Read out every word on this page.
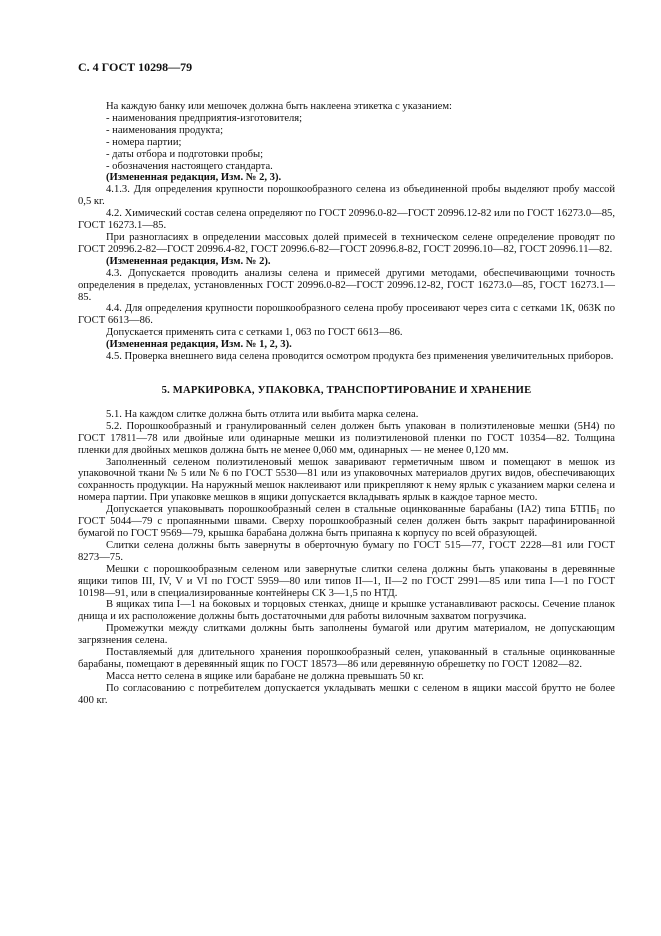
С. 4 ГОСТ 10298—79

На каждую банку или мешочек должна быть наклеена этикетка с указанием:

- наименования предприятия-изготовителя;

- наименования продукта;

- номера партии;

- даты отбора и подготовки пробы;

- обозначения настоящего стандарта.

(Измененная редакция, Изм. № 2, 3).

4.1.3. Для определения крупности порошкообразного селена из объединенной пробы выделяют пробу массой 0,5 кг.

4.2. Химический состав селена определяют по ГОСТ 20996.0-82—ГОСТ 20996.12-82 или по ГОСТ 16273.0—85, ГОСТ 16273.1—85.

При разногласиях в определении массовых долей примесей в техническом селене определение проводят по ГОСТ 20996.2-82—ГОСТ 20996.4-82, ГОСТ 20996.6-82—ГОСТ 20996.8-82, ГОСТ 20996.10—82, ГОСТ 20996.11—82.

(Измененная редакция, Изм. № 2).

4.3. Допускается проводить анализы селена и примесей другими методами, обеспечивающими точность определения в пределах, установленных ГОСТ 20996.0-82—ГОСТ 20996.12-82, ГОСТ 16273.0—85, ГОСТ 16273.1—85.

4.4. Для определения крупности порошкообразного селена пробу просеивают через сита с сетками 1К, 063К по ГОСТ 6613—86.

Допускается применять сита с сетками 1, 063 по ГОСТ 6613—86.

(Измененная редакция, Изм. № 1, 2, 3).

4.5. Проверка внешнего вида селена проводится осмотром продукта без применения увеличительных приборов.

5. МАРКИРОВКА, УПАКОВКА, ТРАНСПОРТИРОВАНИЕ И ХРАНЕНИЕ

5.1. На каждом слитке должна быть отлита или выбита марка селена.

5.2. Порошкообразный и гранулированный селен должен быть упакован в полиэтиленовые мешки (5Н4) по ГОСТ 17811—78 или двойные или одинарные мешки из полиэтиленовой пленки по ГОСТ 10354—82. Толщина пленки для двойных мешков должна быть не менее 0,060 мм, одинарных — не менее 0,120 мм.

Заполненный селеном полиэтиленовый мешок заваривают герметичным швом и помещают в мешок из упаковочной ткани № 5 или № 6 по ГОСТ 5530—81 или из упаковочных материалов других видов, обеспечивающих сохранность продукции. На наружный мешок наклеивают или прикрепляют к нему ярлык с указанием марки селена и номера партии. При упаковке мешков в ящики допускается вкладывать ярлык в каждое тарное место.

Допускается упаковывать порошкообразный селен в стальные оцинкованные барабаны (IA2) типа $БТПБ_1$ по ГОСТ 5044—79 с пропаянными швами. Сверху порошкообразный селен должен быть закрыт парафинированной бумагой по ГОСТ 9569—79, крышка барабана должна быть припаяна к корпусу по всей образующей.

Слитки селена должны быть завернуты в оберточную бумагу по ГОСТ 515—77, ГОСТ 2228—81 или ГОСТ 8273—75.

Мешки с порошкообразным селеном или завернутые слитки селена должны быть упакованы в деревянные ящики типов III, IV, V и VI по ГОСТ 5959—80 или типов II—1, II—2 по ГОСТ 2991—85 или типа I—1 по ГОСТ 10198—91, или в специализированные контейнеры СК 3—1,5 по НТД.

В ящиках типа I—1 на боковых и торцовых стенках, днище и крышке устанавливают раскосы. Сечение планок днища и их расположение должны быть достаточными для работы вилочным захватом погрузчика.

Промежутки между слитками должны быть заполнены бумагой или другим материалом, не допускающим загрязнения селена.

Поставляемый для длительного хранения порошкообразный селен, упакованный в стальные оцинкованные барабаны, помещают в деревянный ящик по ГОСТ 18573—86 или деревянную обрешетку по ГОСТ 12082—82.

Масса нетто селена в ящике или барабане не должна превышать 50 кг.

По согласованию с потребителем допускается укладывать мешки с селеном в ящики массой брутто не более 400 кг.
